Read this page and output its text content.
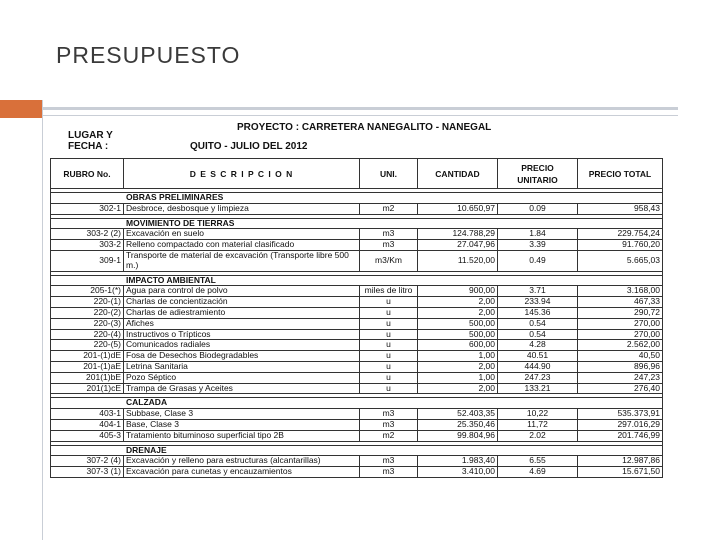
PRESUPUESTO
LUGAR Y
FECHA :
PROYECTO : CARRETERA NANEGALITO - NANEGAL
QUITO - JULIO DEL 2012
RUBRO No.	D E S C R I P C I O N	UNI.	CANTIDAD	PRECIO UNITARIO	PRECIO TOTAL

OBRAS PRELIMINARES					
302-1	Desbroce, desbosque y limpieza	m2	10.650,97	0.09	958,43

MOVIMIENTO DE TIERRAS					
303-2 (2)	Excavación en suelo	m3	124.788,29	1.84	229.754,24
303-2	Relleno compactado con material clasificado	m3	27.047,96	3.39	91.760,20
309-1	Transporte de material de excavación (Transporte libre 500 m.)	m3/Km	11.520,00	0.49	5.665,03

IMPACTO AMBIENTAL					
205-1(*)	Agua para control de polvo	miles de litro	900,00	3.71	3.168,00
220-(1)	Charlas de concientización	u	2,00	233.94	467,33
220-(2)	Charlas de adiestramiento	u	2,00	145.36	290,72
220-(3)	Afiches	u	500,00	0.54	270,00
220-(4)	Instructivos o Trípticos	u	500,00	0.54	270,00
220-(5)	Comunicados radiales	u	600,00	4.28	2.562,00
201-(1)dE	Fosa de Desechos Biodegradables	u	1,00	40.51	40,50
201-(1)aE	Letrina Sanitaria	u	2,00	444.90	896,96
201(1)bE	Pozo Séptico	u	1,00	247.23	247,23
201(1)cE	Trampa de Grasas y Aceites	u	2,00	133.21	276,40

CALZADA					
403-1	Subbase, Clase 3	m3	52.403,35	10,22	535.373,91
404-1	Base, Clase 3	m3	25.350,46	11,72	297.016,29
405-3	Tratamiento bituminoso superficial tipo 2B	m2	99.804,96	2.02	201.746,99

DRENAJE					
307-2 (4)	Excavación y relleno para estructuras (alcantarillas)	m3	1.983,40	6.55	12.987,86
307-3 (1)	Excavación para cunetas y encauzamientos	m3	3.410,00	4.69	15.671,50
